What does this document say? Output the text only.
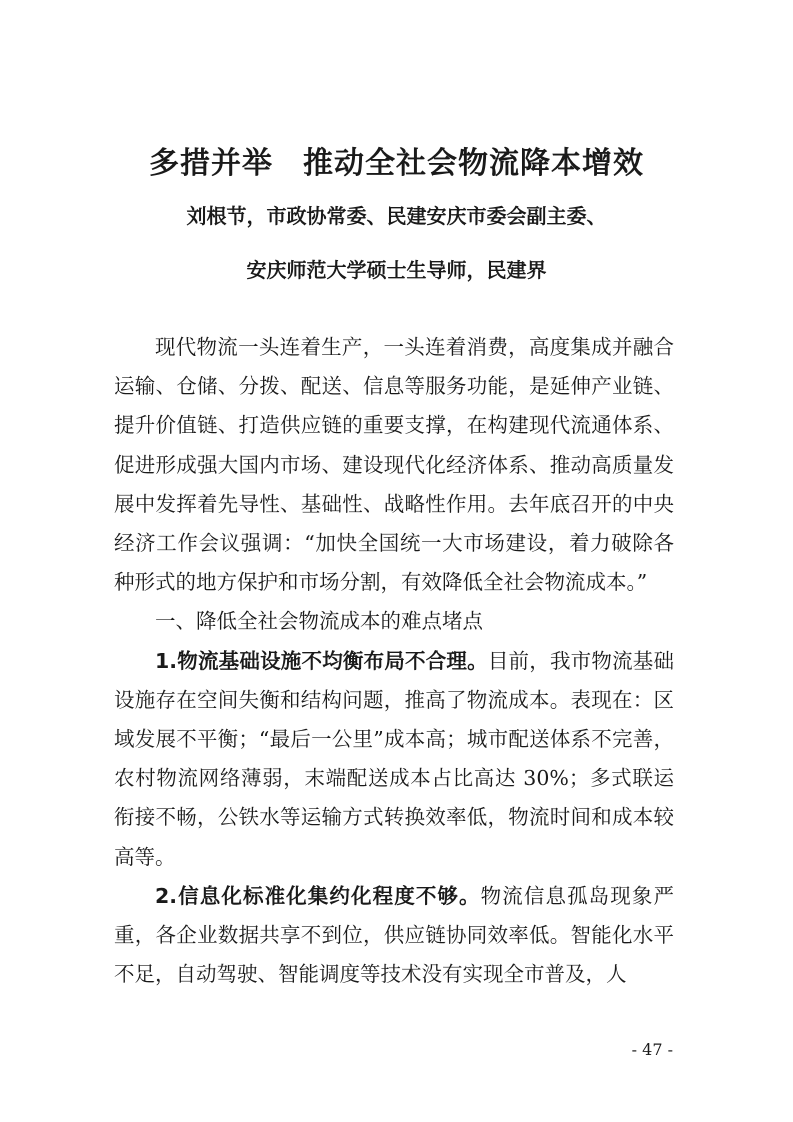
多措并举 推动全社会物流降本增效
刘根节，市政协常委、民建安庆市委会副主委、
安庆师范大学硕士生导师，民建界

现代物流一头连着生产，一头连着消费，高度集成并融合运输、仓储、分拨、配送、信息等服务功能，是延伸产业链、提升价值链、打造供应链的重要支撑，在构建现代流通体系、促进形成强大国内市场、建设现代化经济体系、推动高质量发展中发挥着先导性、基础性、战略性作用。去年底召开的中央经济工作会议强调：“加快全国统一大市场建设，着力破除各种形式的地方保护和市场分割，有效降低全社会物流成本。”

一、降低全社会物流成本的难点堵点

1.物流基础设施不均衡布局不合理。目前，我市物流基础设施存在空间失衡和结构问题，推高了物流成本。表现在：区域发展不平衡；“最后一公里”成本高；城市配送体系不完善，农村物流网络薄弱，末端配送成本占比高达 30%；多式联运衔接不畅，公铁水等运输方式转换效率低，物流时间和成本较高等。

2.信息化标准化集约化程度不够。物流信息孤岛现象严重，各企业数据共享不到位，供应链协同效率低。智能化水平不足，自动驾驶、智能调度等技术没有实现全市普及，人

- 47 -
